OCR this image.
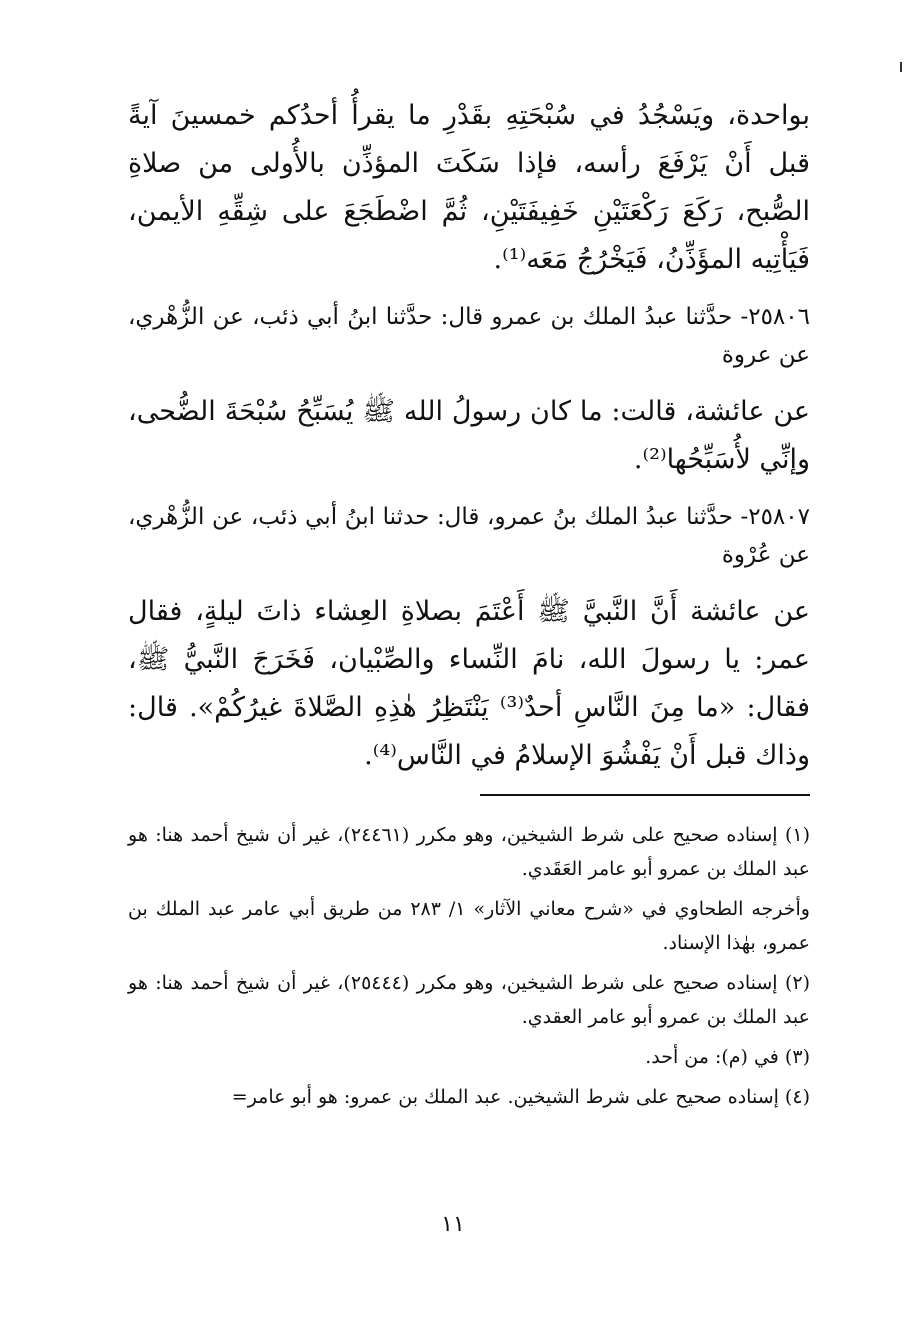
بواحدة، ويَسْجُدُ في سُبْحَتِهِ بقَدْرِ ما يقرأُ أحدُكم خمسينَ آيةً قبل أَنْ يَرْفَعَ رأسه، فإذا سَكَتَ المؤذِّن بالأُولى من صلاةِ الصُّبح، رَكَعَ رَكْعَتَيْنِ خَفِيفَتَيْنِ، ثُمَّ اضْطَجَعَ على شِقِّهِ الأيمن، فَيَأْتِيه المؤَذِّنُ، فَيَخْرُجُ مَعَه⁽¹⁾.

٢٥٨٠٦- حدَّثنا عبدُ الملك بن عمرو قال: حدَّثنا ابنُ أبي ذئب، عن الزُّهْري، عن عروة

عن عائشة، قالت: ما كان رسولُ الله ﷺ يُسَبِّحُ سُبْحَةَ الضُّحى، وإنِّي لأُسَبِّحُها⁽²⁾.

٢٥٨٠٧- حدَّثنا عبدُ الملك بنُ عمرو، قال: حدثنا ابنُ أبي ذئب، عن الزُّهْري، عن عُرْوة

عن عائشة أَنَّ النَّبيَّ ﷺ أَعْتَمَ بصلاةِ العِشاء ذاتَ ليلةٍ، فقال عمر: يا رسولَ الله، نامَ النِّساء والصِّبْيان، فَخَرَجَ النَّبيُّ ﷺ، فقال: «ما مِنَ النَّاسِ أحدٌ⁽³⁾ يَنْتَظِرُ هٰذِهِ الصَّلاةَ غيرُكُمْ». قال: وذاك قبل أَنْ يَفْشُوَ الإسلامُ في النَّاس⁽⁴⁾.

(١) إسناده صحيح على شرط الشيخين، وهو مكرر (٢٤٤٦١)، غير أن شيخ أحمد هنا: هو عبد الملك بن عمرو أبو عامر العَقَدي.

وأخرجه الطحاوي في «شرح معاني الآثار» ١/ ٢٨٣ من طريق أبي عامر عبد الملك بن عمرو، بهٰذا الإسناد.

(٢) إسناده صحيح على شرط الشيخين، وهو مكرر (٢٥٤٤٤)، غير أن شيخ أحمد هنا: هو عبد الملك بن عمرو أبو عامر العقدي.

(٣) في (م): من أحد.

(٤) إسناده صحيح على شرط الشيخين. عبد الملك بن عمرو: هو أبو عامر=

١١
